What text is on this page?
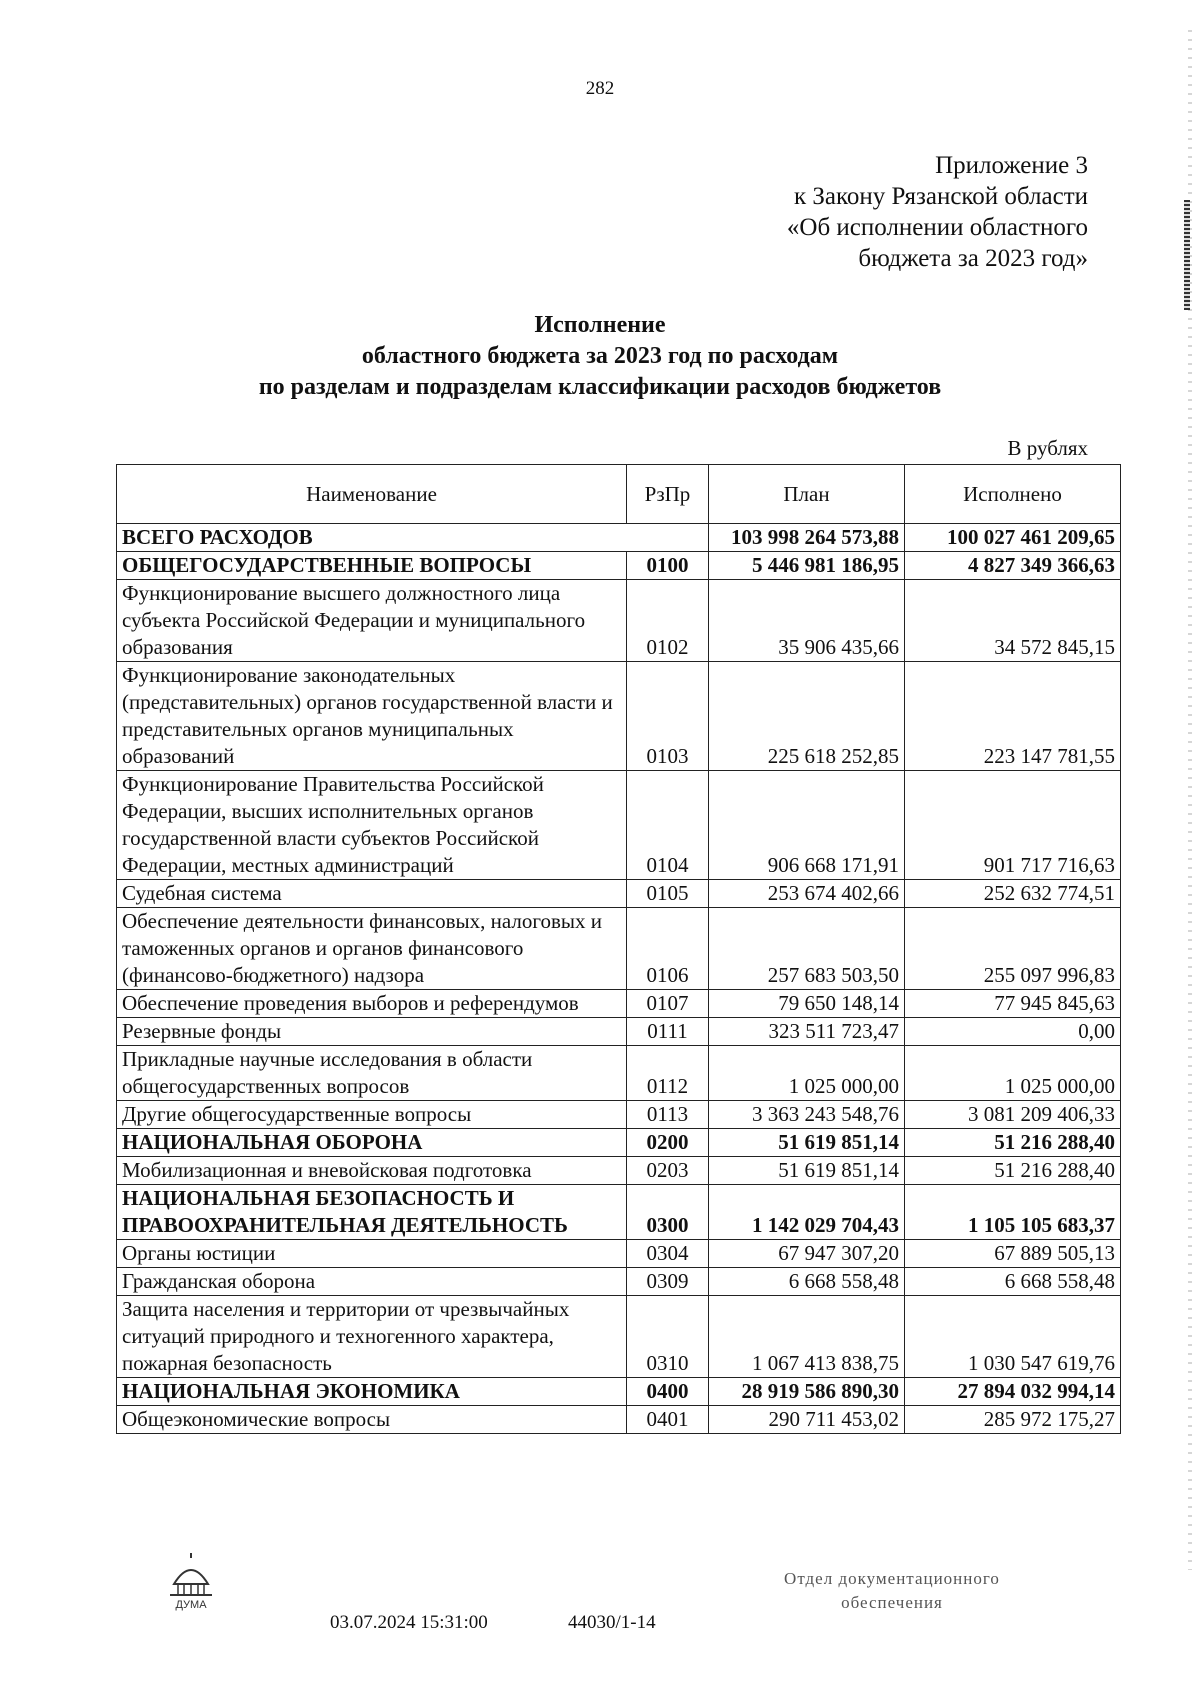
282
Приложение 3
к Закону Рязанской области
«Об исполнении областного
бюджета за 2023 год»
Исполнение
областного бюджета за 2023 год по расходам
по разделам и подразделам классификации расходов бюджетов
В рублях
Наименование	РзПр	План	Исполнено
ВСЕГО РАСХОДОВ		103 998 264 573,88	100 027 461 209,65
ОБЩЕГОСУДАРСТВЕННЫЕ ВОПРОСЫ	0100	5 446 981 186,95	4 827 349 366,63
Функционирование высшего должностного лица субъекта Российской Федерации и муниципального образования	0102	35 906 435,66	34 572 845,15
Функционирование законодательных (представительных) органов государственной власти и представительных органов муниципальных образований	0103	225 618 252,85	223 147 781,55
Функционирование Правительства Российской Федерации, высших исполнительных органов государственной власти субъектов Российской Федерации, местных администраций	0104	906 668 171,91	901 717 716,63
Судебная система	0105	253 674 402,66	252 632 774,51
Обеспечение деятельности финансовых, налоговых и таможенных органов и органов финансового (финансово-бюджетного) надзора	0106	257 683 503,50	255 097 996,83
Обеспечение проведения выборов и референдумов	0107	79 650 148,14	77 945 845,63
Резервные фонды	0111	323 511 723,47	0,00
Прикладные научные исследования в области общегосударственных вопросов	0112	1 025 000,00	1 025 000,00
Другие общегосударственные вопросы	0113	3 363 243 548,76	3 081 209 406,33
НАЦИОНАЛЬНАЯ ОБОРОНА	0200	51 619 851,14	51 216 288,40
Мобилизационная и вневойсковая подготовка	0203	51 619 851,14	51 216 288,40
НАЦИОНАЛЬНАЯ БЕЗОПАСНОСТЬ И ПРАВООХРАНИТЕЛЬНАЯ ДЕЯТЕЛЬНОСТЬ	0300	1 142 029 704,43	1 105 105 683,37
Органы юстиции	0304	67 947 307,20	67 889 505,13
Гражданская оборона	0309	6 668 558,48	6 668 558,48
Защита населения и территории от чрезвычайных ситуаций природного и техногенного характера, пожарная безопасность	0310	1 067 413 838,75	1 030 547 619,76
НАЦИОНАЛЬНАЯ ЭКОНОМИКА	0400	28 919 586 890,30	27 894 032 994,14
Общеэкономические вопросы	0401	290 711 453,02	285 972 175,27
ДУМА
03.07.2024 15:31:00	44030/1-14
Отдел документационного
обеспечения
